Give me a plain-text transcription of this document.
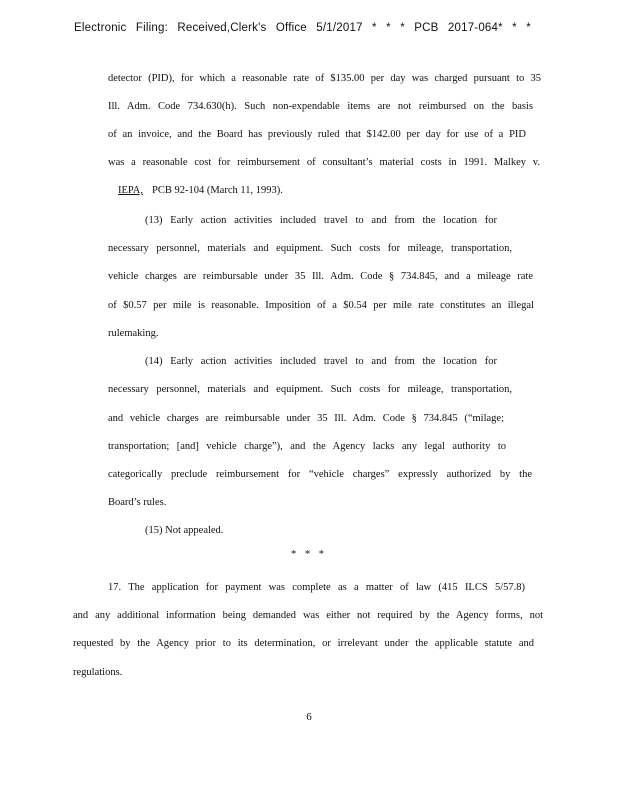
Electronic Filing: Received,Clerk's Office 5/1/2017 * * * PCB 2017-064* * *
detector (PID), for which a reasonable rate of $135.00 per day was charged pursuant to 35
Ill. Adm. Code 734.630(h). Such non-expendable items are not reimbursed on the basis
of an invoice, and the Board has previously ruled that $142.00 per day for use of a PID
was a reasonable cost for reimbursement of consultant’s material costs in 1991. Malkey v.
IEPA, PCB 92-104 (March 11, 1993).
(13) Early action activities included travel to and from the location for
necessary personnel, materials and equipment. Such costs for mileage, transportation,
vehicle charges are reimbursable under 35 Ill. Adm. Code § 734.845, and a mileage rate
of $0.57 per mile is reasonable. Imposition of a $0.54 per mile rate constitutes an illegal
rulemaking.
(14) Early action activities included travel to and from the location for
necessary personnel, materials and equipment. Such costs for mileage, transportation,
and vehicle charges are reimbursable under 35 Ill. Adm. Code § 734.845 (“milage;
transportation; [and] vehicle charge”), and the Agency lacks any legal authority to
categorically preclude reimbursement for “vehicle charges” expressly authorized by the
Board’s rules.
(15) Not appealed.
17. The application for payment was complete as a matter of law (415 ILCS 5/57.8)
and any additional information being demanded was either not required by the Agency forms, not
requested by the Agency prior to its determination, or irrelevant under the applicable statute and
regulations.
* * *
6
